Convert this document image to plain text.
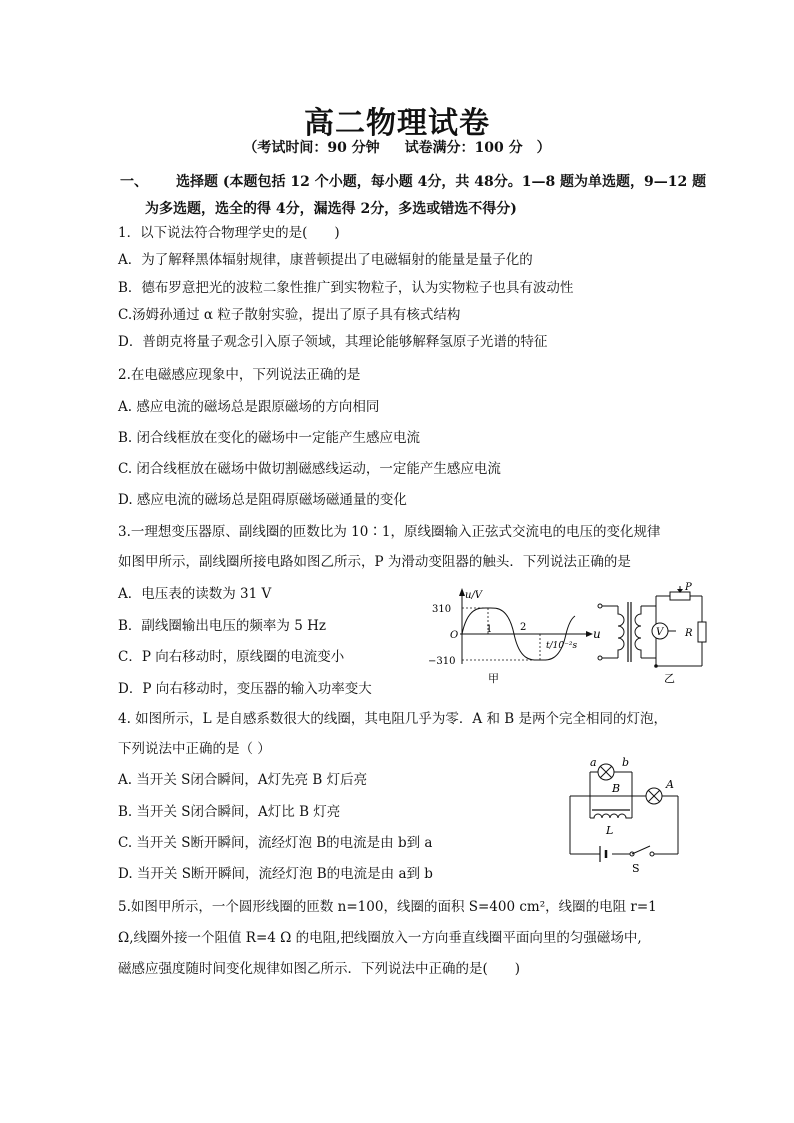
高二物理试卷
（考试时间：90 分钟 试卷满分：100 分　）
一、 选择题 (本题包括 12 个小题，每小题 4分，共 48分。1—8 题为单选题，9—12 题
为多选题，选全的得 4分，漏选得 2分，多选或错选不得分)
1．以下说法符合物理学史的是(　　)
A．为了解释黑体辐射规律，康普顿提出了电磁辐射的能量是量子化的
B．德布罗意把光的波粒二象性推广到实物粒子，认为实物粒子也具有波动性
C.汤姆孙通过 α 粒子散射实验，提出了原子具有核式结构
D．普朗克将量子观念引入原子领域，其理论能够解释氢原子光谱的特征
2.在电磁感应现象中，下列说法正确的是
A. 感应电流的磁场总是跟原磁场的方向相同
B. 闭合线框放在变化的磁场中一定能产生感应电流
C. 闭合线框放在磁场中做切割磁感线运动，一定能产生感应电流
D. 感应电流的磁场总是阻碍原磁场磁通量的变化
3.一理想变压器原、副线圈的匝数比为 10∶1，原线圈输入正弦式交流电的电压的变化规律
如图甲所示，副线圈所接电路如图乙所示，P 为滑动变阻器的触头．下列说法正确的是
A．电压表的读数为 31 V
B．副线圈输出电压的频率为 5 Hz
C．P 向右移动时，原线圈的电流变小
D．P 向右移动时，变压器的输入功率变大
u/V
310
O
−310
1	2
t/10⁻²s
甲
u
P
V R
乙
4. 如图所示，L 是自感系数很大的线圈，其电阻几乎为零．A 和 B 是两个完全相同的灯泡，
下列说法中正确的是（ ）
A. 当开关 S闭合瞬间，A灯先亮 B 灯后亮
B. 当开关 S闭合瞬间，A灯比 B 灯亮
C. 当开关 S断开瞬间，流经灯泡 B的电流是由 b到 a
D. 当开关 S断开瞬间，流经灯泡 B的电流是由 a到 b	S
a b
B
L
A
5.如图甲所示，一个圆形线圈的匝数 n=100，线圈的面积 S=400 cm²，线圈的电阻 r=1
Ω,线圈外接一个阻值 R=4 Ω 的电阻,把线圈放入一方向垂直线圈平面向里的匀强磁场中,
磁感应强度随时间变化规律如图乙所示．下列说法中正确的是(　　)
